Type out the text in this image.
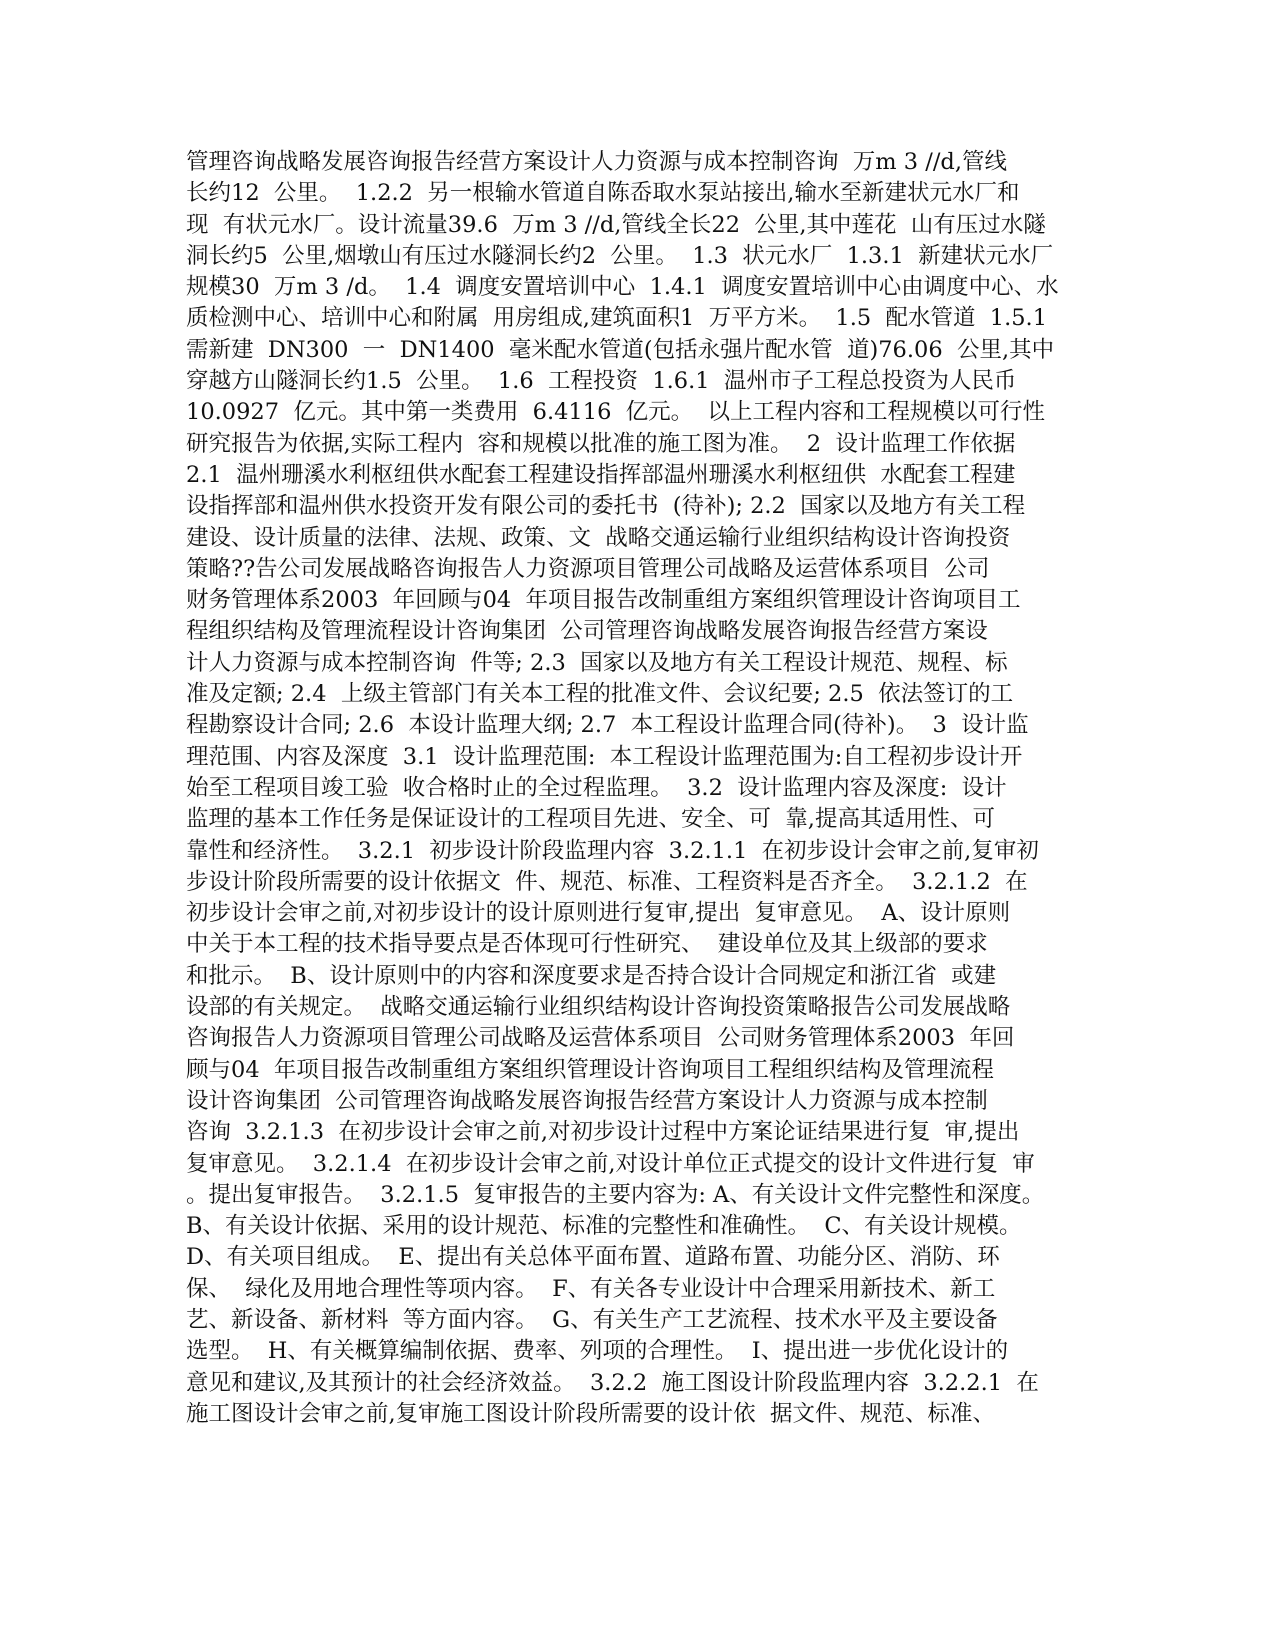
管理咨询战略发展咨询报告经营方案设计人力资源与成本控制咨询  万m 3 //d,管线
长约12  公里。  1.2.2  另一根输水管道自陈岙取水泵站接出,输水至新建状元水厂和
现  有状元水厂。设计流量39.6  万m 3 //d,管线全长22  公里,其中莲花  山有压过水隧
洞长约5  公里,烟墩山有压过水隧洞长约2  公里。  1.3  状元水厂  1.3.1  新建状元水厂
规模30  万m 3 /d。  1.4  调度安置培训中心  1.4.1  调度安置培训中心由调度中心、水
质检测中心、培训中心和附属  用房组成,建筑面积1  万平方米。  1.5  配水管道  1.5.1
需新建  DN300  一  DN1400  毫米配水管道(包括永强片配水管  道)76.06  公里,其中
穿越方山隧洞长约1.5  公里。  1.6  工程投资  1.6.1  温州市子工程总投资为人民币
10.0927  亿元。其中第一类费用  6.4116  亿元。  以上工程内容和工程规模以可行性
研究报告为依据,实际工程内  容和规模以批准的施工图为准。  2  设计监理工作依据
2.1  温州珊溪水利枢纽供水配套工程建设指挥部温州珊溪水利枢纽供  水配套工程建
设指挥部和温州供水投资开发有限公司的委托书  (待补); 2.2  国家以及地方有关工程
建设、设计质量的法律、法规、政策、文  战略交通运输行业组织结构设计咨询投资
策略??告公司发展战略咨询报告人力资源项目管理公司战略及运营体系项目  公司
财务管理体系2003  年回顾与04  年项目报告改制重组方案组织管理设计咨询项目工
程组织结构及管理流程设计咨询集团  公司管理咨询战略发展咨询报告经营方案设
计人力资源与成本控制咨询  件等; 2.3  国家以及地方有关工程设计规范、规程、标
准及定额; 2.4  上级主管部门有关本工程的批准文件、会议纪要; 2.5  依法签订的工
程勘察设计合同; 2.6  本设计监理大纲; 2.7  本工程设计监理合同(待补)。  3  设计监
理范围、内容及深度  3.1  设计监理范围:  本工程设计监理范围为:自工程初步设计开
始至工程项目竣工验  收合格时止的全过程监理。  3.2  设计监理内容及深度:  设计
监理的基本工作任务是保证设计的工程项目先进、安全、可  靠,提高其适用性、可
靠性和经济性。  3.2.1  初步设计阶段监理内容  3.2.1.1  在初步设计会审之前,复审初
步设计阶段所需要的设计依据文  件、规范、标准、工程资料是否齐全。  3.2.1.2  在
初步设计会审之前,对初步设计的设计原则进行复审,提出  复审意见。  A、设计原则
中关于本工程的技术指导要点是否体现可行性研究、  建设单位及其上级部的要求
和批示。  B、设计原则中的内容和深度要求是否持合设计合同规定和浙江省  或建
设部的有关规定。  战略交通运输行业组织结构设计咨询投资策略报告公司发展战略
咨询报告人力资源项目管理公司战略及运营体系项目  公司财务管理体系2003  年回
顾与04  年项目报告改制重组方案组织管理设计咨询项目工程组织结构及管理流程
设计咨询集团  公司管理咨询战略发展咨询报告经营方案设计人力资源与成本控制
咨询  3.2.1.3  在初步设计会审之前,对初步设计过程中方案论证结果进行复  审,提出
复审意见。  3.2.1.4  在初步设计会审之前,对设计单位正式提交的设计文件进行复  审
。提出复审报告。  3.2.1.5  复审报告的主要内容为: A、有关设计文件完整性和深度。
B、有关设计依据、采用的设计规范、标准的完整性和准确性。  C、有关设计规模。
D、有关项目组成。  E、提出有关总体平面布置、道路布置、功能分区、消防、环
保、  绿化及用地合理性等项内容。  F、有关各专业设计中合理采用新技术、新工
艺、新设备、新材料  等方面内容。  G、有关生产工艺流程、技术水平及主要设备
选型。  H、有关概算编制依据、费率、列项的合理性。  I、提出进一步优化设计的
意见和建议,及其预计的社会经济效益。  3.2.2  施工图设计阶段监理内容  3.2.2.1  在
施工图设计会审之前,复审施工图设计阶段所需要的设计依  据文件、规范、标准、
